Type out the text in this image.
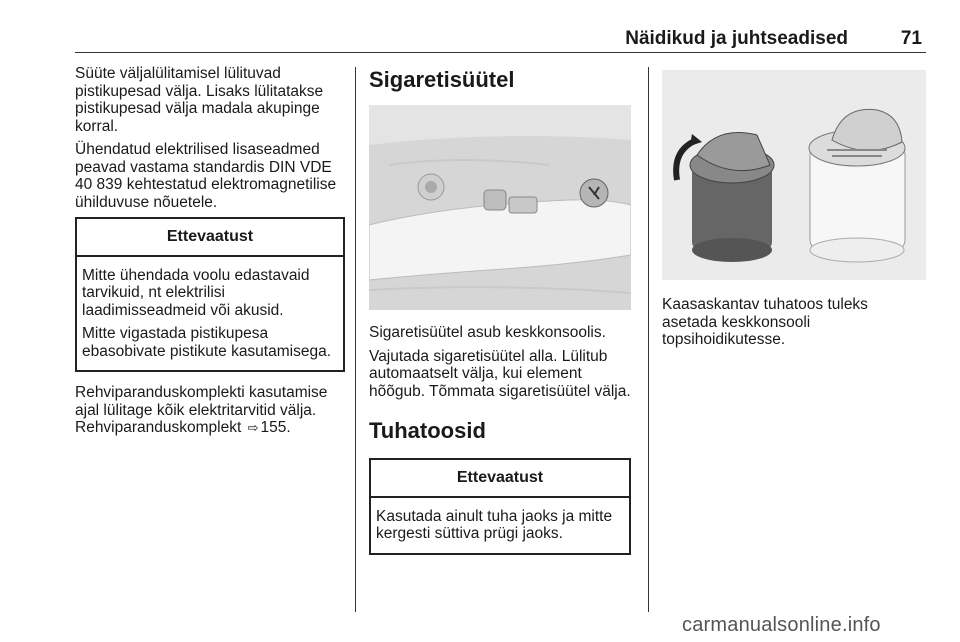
Näidikud ja juhtseadised	71

Süüte väljalülitamisel lülituvad pistikupesad välja. Lisaks lülitatakse pistikupesad välja madala akupinge korral.

Ühendatud elektrilised lisaseadmed peavad vastama standardis DIN VDE 40 839 kehtestatud elektromagnetilise ühilduvuse nõuetele.

Ettevaatust

Mitte ühendada voolu edastavaid tarvikuid, nt elektrilisi laadimisseadmeid või akusid.

Mitte vigastada pistikupesa ebasobivate pistikute kasutamisega.

Rehviparanduskomplekti kasutamise ajal lülitage kõik elektritarvitid välja. Rehviparanduskomplekt ⇨ 155.

Sigaretisüütel

Sigaretisüütel asub keskkonsoolis.

Vajutada sigaretisüütel alla. Lülitub automaatselt välja, kui element hõõgub. Tõmmata sigaretisüütel välja.

Tuhatoosid
Ettevaatust

Kasutada ainult tuha jaoks ja mitte kergesti süttiva prügi jaoks.

Kaasaskantav tuhatoos tuleks asetada keskkonsooli topsihoidikutesse.

carmanualsonline.info
